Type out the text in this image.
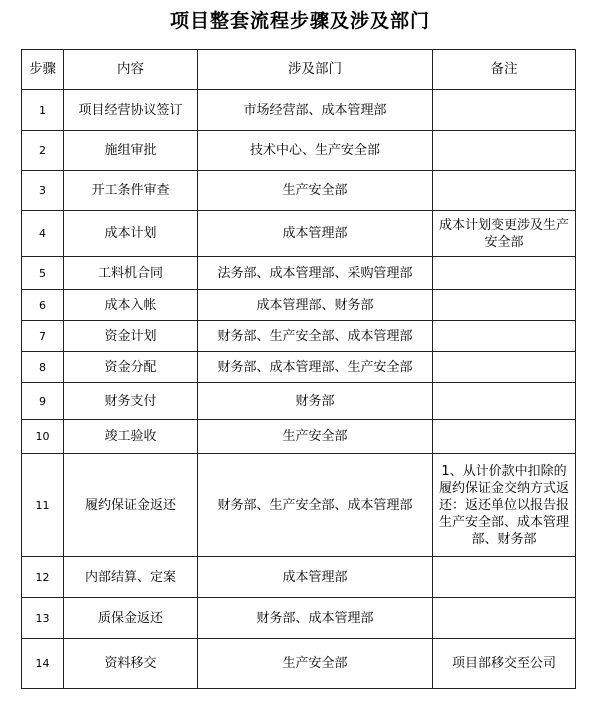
项目整套流程步骤及涉及部门
步骤	内容	涉及部门	备注
1	项目经营协议签订	市场经营部、成本管理部	
2	施组审批	技术中心、生产安全部	
3	开工条件审查	生产安全部	
4	成本计划	成本管理部	成本计划变更涉及生产安全部
5	工料机合同	法务部、成本管理部、采购管理部	
6	成本入帐	成本管理部、财务部	
7	资金计划	财务部、生产安全部、成本管理部	
8	资金分配	财务部、成本管理部、生产安全部	
9	财务支付	财务部	
10	竣工验收	生产安全部	
11	履约保证金返还	财务部、生产安全部、成本管理部	1、从计价款中扣除的履约保证金交纳方式返还：返还单位以报告报生产安全部、成本管理部、财务部
12	内部结算、定案	成本管理部	
13	质保金返还	财务部、成本管理部	
14	资料移交	生产安全部	项目部移交至公司
